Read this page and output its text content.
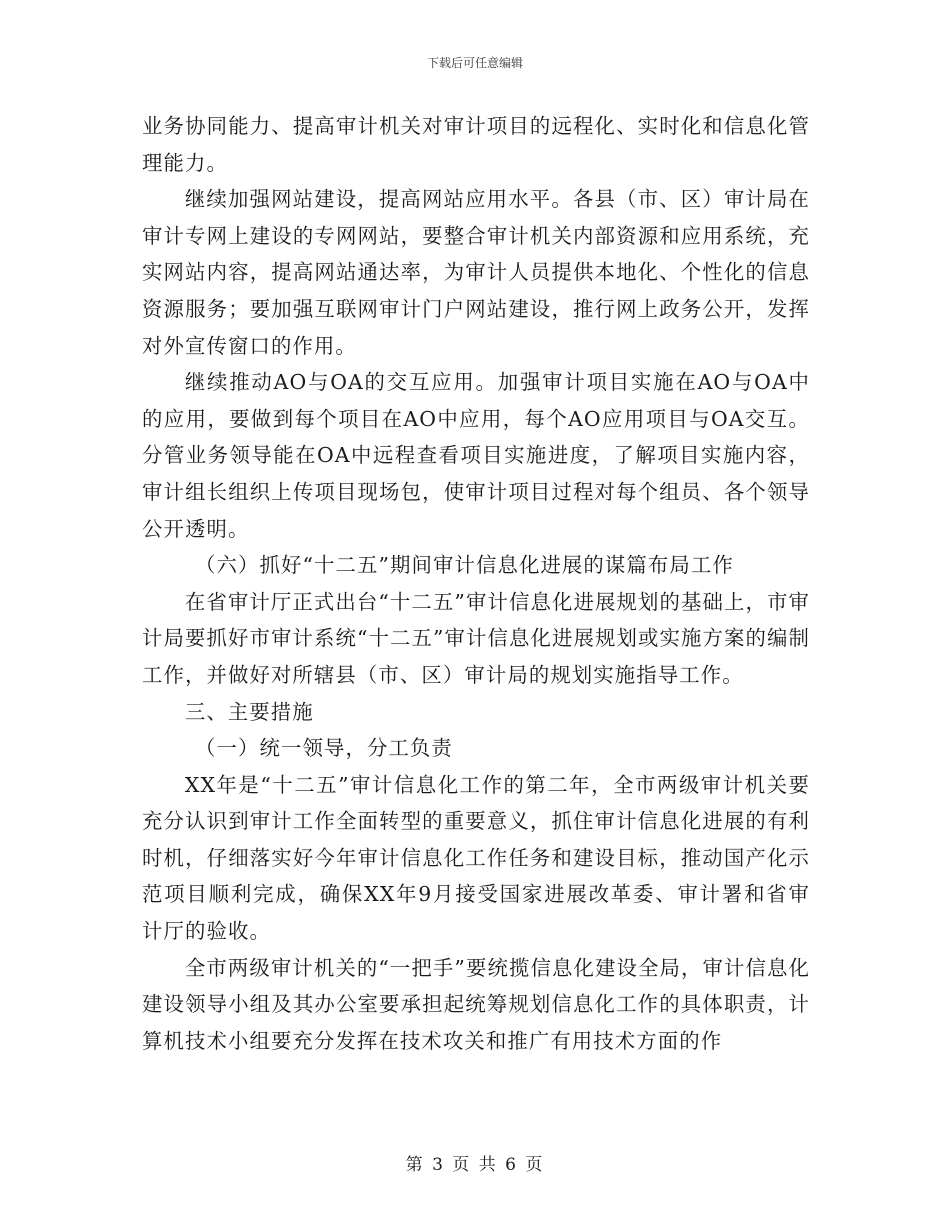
下载后可任意编辑

业务协同能力、提高审计机关对审计项目的远程化、实时化和信息化管理能力。

继续加强网站建设，提高网站应用水平。各县（市、区）审计局在审计专网上建设的专网网站，要整合审计机关内部资源和应用系统，充实网站内容，提高网站通达率，为审计人员提供本地化、个性化的信息资源服务；要加强互联网审计门户网站建设，推行网上政务公开，发挥对外宣传窗口的作用。

继续推动AO与OA的交互应用。加强审计项目实施在AO与OA中的应用，要做到每个项目在AO中应用，每个AO应用项目与OA交互。分管业务领导能在OA中远程查看项目实施进度，了解项目实施内容，审计组长组织上传项目现场包，使审计项目过程对每个组员、各个领导公开透明。

（六）抓好“十二五”期间审计信息化进展的谋篇布局工作

在省审计厅正式出台“十二五”审计信息化进展规划的基础上，市审计局要抓好市审计系统“十二五”审计信息化进展规划或实施方案的编制工作，并做好对所辖县（市、区）审计局的规划实施指导工作。

三、主要措施

（一）统一领导，分工负责

XX年是“十二五”审计信息化工作的第二年，全市两级审计机关要充分认识到审计工作全面转型的重要意义，抓住审计信息化进展的有利时机，仔细落实好今年审计信息化工作任务和建设目标，推动国产化示范项目顺利完成，确保XX年9月接受国家进展改革委、审计署和省审计厅的验收。

全市两级审计机关的“一把手”要统揽信息化建设全局，审计信息化建设领导小组及其办公室要承担起统筹规划信息化工作的具体职责，计算机技术小组要充分发挥在技术攻关和推广有用技术方面的作

第 3 页 共 6 页
